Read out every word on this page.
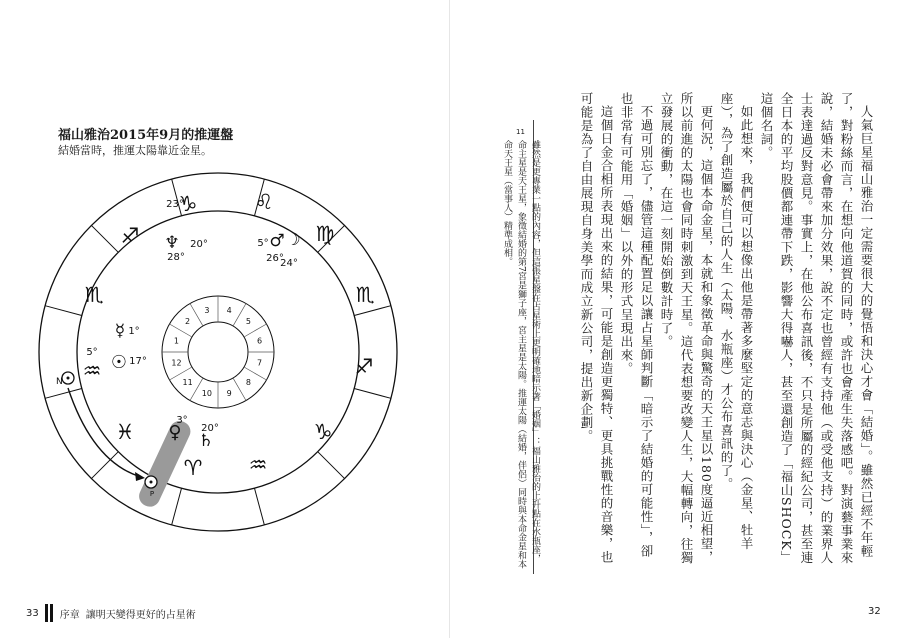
福山雅治2015年9月的推運盤
結婚當時，推運太陽靠近金星。
♑	♌
♐	♍
♏	♏
♒	♐
♓	♑
♈ ♒
1
2
3 4
5
6
7
8
9
10
11
12
♆ 20°
28°
5° ♂ ☽
26°
24°
☿ 1°
5° ☉ 17°
23°
3°
♀ 20°
♄
N
P
33 序章 讓明天變得更好的占星術

人氣巨星福山雅治一定需要很大的覺悟和決心才會「結婚」。雖然已經不年輕了，對粉絲而言，在想向他道賀的同時，或許也會產生失落感吧。對演藝事業來說，結婚未必會帶來加分效果，說不定也曾經有支持他（或受他支持）的業界人士表達過反對意見。事實上，在他公布喜訊後，不只是所屬的經紀公司，甚至連全日本的平均股價都連帶下跌，影響大得嚇人，甚至還創造了「福山SHOCK」這個名詞。

如此想來，我們便可以想像出他是帶著多麼堅定的意志與決心（金星、牡羊座），為了創造屬於自己的人生（太陽、水瓶座）才公布喜訊的了。

更何況，這個本命金星，本就和象徵革命與驚奇的天王星以180度逼近相望，所以前進的太陽也會同時刺激到天王星。這代表想要改變人生，大幅轉向，往獨立發展的衝動，在這一刻開始倒數計時了。

不過可別忘了，儘管這種配置足以讓占星師判斷「暗示了結婚的可能性」，卻也非常有可能用「婚姻」以外的形式呈現出來。

這個日金合相所表現出來的結果，可能是創造更獨特、更具挑戰性的音樂，也可能是為了自由展現自身美學而成立新公司，提出新企劃。

11
雖然是更專業一點的內容，但這張星盤在占星術上更明確地暗示著「婚姻」：福山雅治的上升點在水瓶座，命主星是天王星，象徵結婚的第7宮是獅子座，宮主星是太陽。推運太陽（結婚，伴侶）同時與本命金星和本命天王星（當事人）精準成相。
32
